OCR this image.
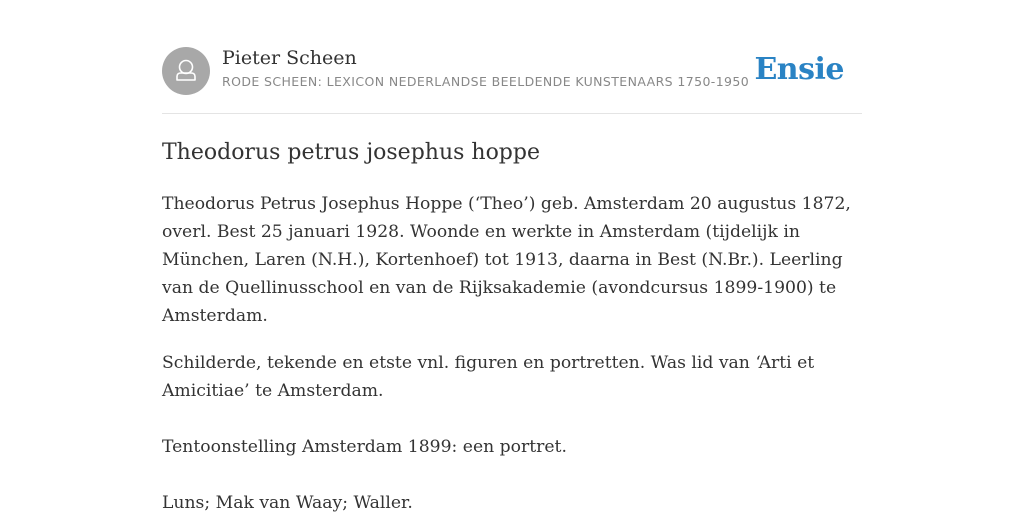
Pieter Scheen
RODE SCHEEN: LEXICON NEDERLANDSE BEELDENDE KUNSTENAARS 1750-1950 Ensie
Theodorus petrus josephus hoppe

Theodorus Petrus Josephus Hoppe (‘Theo’) geb. Amsterdam 20 augustus 1872, overl. Best 25 januari 1928. Woonde en werkte in Amsterdam (tijdelijk in München, Laren (N.H.), Kortenhoef) tot 1913, daarna in Best (N.Br.). Leerling van de Quellinusschool en van de Rijksakademie (avondcursus 1899-1900) te Amsterdam.

Schilderde, tekende en etste vnl. figuren en portretten. Was lid van ‘Arti et Amicitiae’ te Amsterdam.

Tentoonstelling Amsterdam 1899: een portret.

Luns; Mak van Waay; Waller.
